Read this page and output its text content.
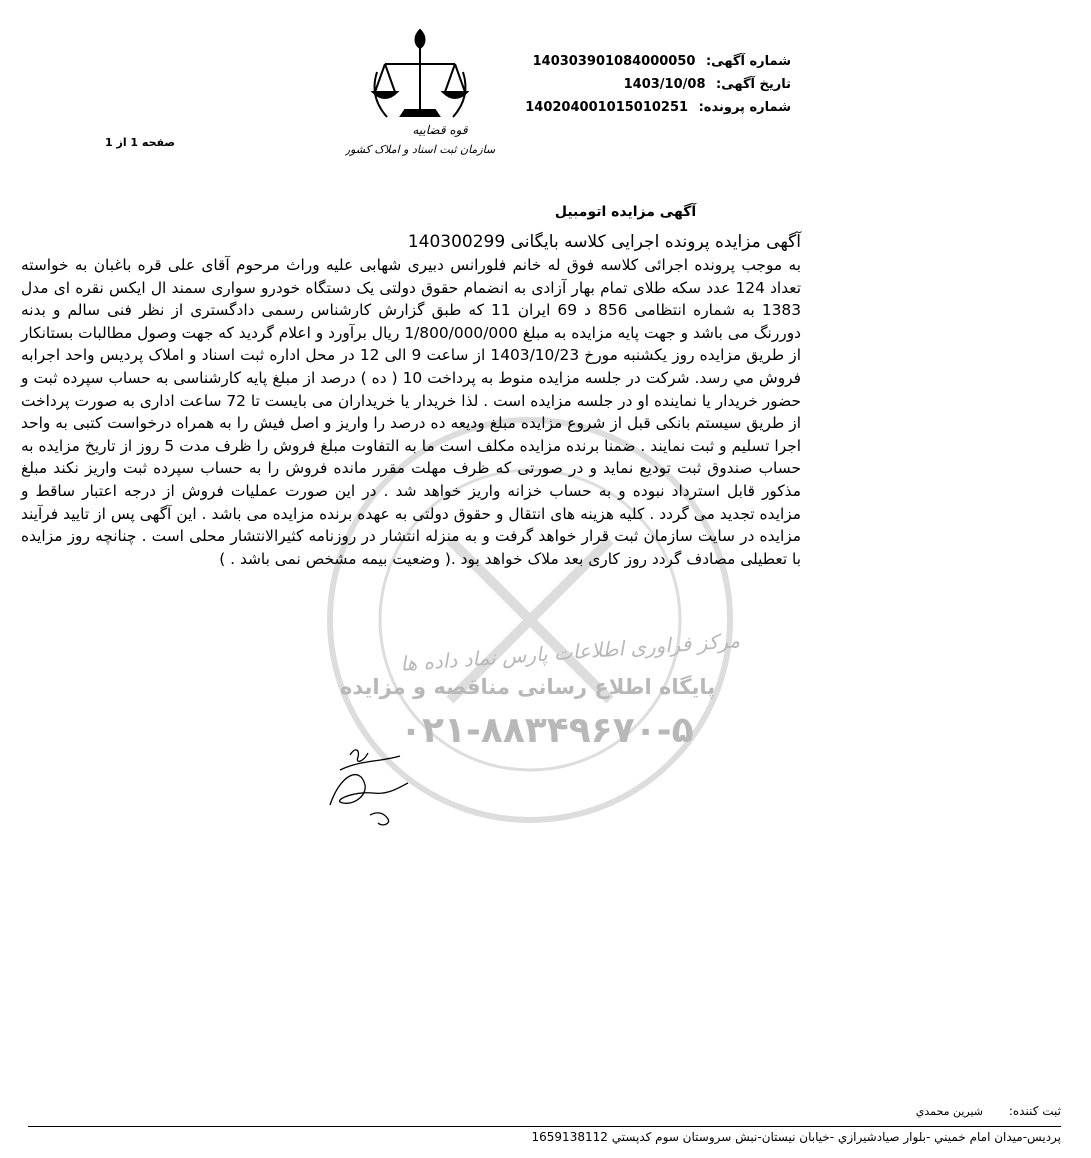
شماره آگهی: 140303901084000050
تاریخ آگهی: 1403/10/08
شماره پرونده: 140204001015010251
قوه قضاییه
سازمان ثبت اسناد و املاک کشور
صفحه 1 از 1
آگهی مزایده اتومبیل
آگهی مزایده پرونده اجرایی کلاسه بایگانی 140300299
به موجب پرونده اجرائی کلاسه فوق له خانم فلورانس دبیری شهابی علیه وراث مرحوم آقای علی قره باغبان به خواسته تعداد 124 عدد سکه طلای تمام بهار آزادی به انضمام حقوق دولتی یک دستگاه خودرو سواری سمند ال ایکس نقره ای مدل 1383 به شماره انتظامی 856 د 69 ایران 11 که طبق گزارش کارشناس رسمی دادگستری از نظر فنی سالم و بدنه دوررنگ می باشد و جهت پایه مزایده به مبلغ 1/800/000/000 ریال برآورد و اعلام گردید که جهت وصول مطالبات بستانکار از طریق مزایده روز یکشنبه مورخ 1403/10/23 از ساعت 9 الی 12 در محل اداره ثبت اسناد و املاک پردیس واحد اجرابه فروش مي رسد. شرکت در جلسه مزایده منوط به پرداخت 10 ( ده ) درصد از مبلغ پایه کارشناسی به حساب سپرده ثبت و حضور خریدار یا نماینده او در جلسه مزایده است . لذا خریدار یا خریداران می بایست تا 72 ساعت اداری به صورت پرداخت از طریق سیستم بانکی قبل از شروع مزایده مبلغ ودیعه ده درصد را واریز و اصل فیش را به همراه درخواست کتبی به واحد اجرا تسلیم و ثبت نمایند . ضمنا برنده مزایده مکلف است ما به التفاوت مبلغ فروش را ظرف مدت 5 روز از تاریخ مزایده به حساب صندوق ثبت تودیع نماید و در صورتی که ظرف مهلت مقرر مانده فروش را به حساب سپرده ثبت واریز نکند مبلغ مذکور قابل استرداد نبوده و به حساب خزانه واریز خواهد شد . در این صورت عملیات فروش از درجه اعتبار ساقط و مزایده تجدید می گردد . کلیه هزینه های انتقال و حقوق دولتی به عهده برنده مزایده می باشد . این آگهی پس از تایید فرآیند مزایده در سایت سازمان ثبت قرار خواهد گرفت و به منزله انتشار در روزنامه کثیرالانتشار محلی است . چنانچه روز مزایده با تعطیلی مصادف گردد روز کاری بعد ملاک خواهد بود .( وضعیت بیمه مشخص نمی باشد . )
مرکز فراوری اطلاعات پارس نماد داده ها
پایگاه اطلاع رسانی مناقصه و مزایده
۰۲۱-۸۸۳۴۹۶۷۰-۵
ثبت کننده: شیرین محمدي
پردیس-میدان امام خمیني -بلوار صیادشیرازي -خیابان نیستان-نبش سروستان سوم کدپستي 1659138112
